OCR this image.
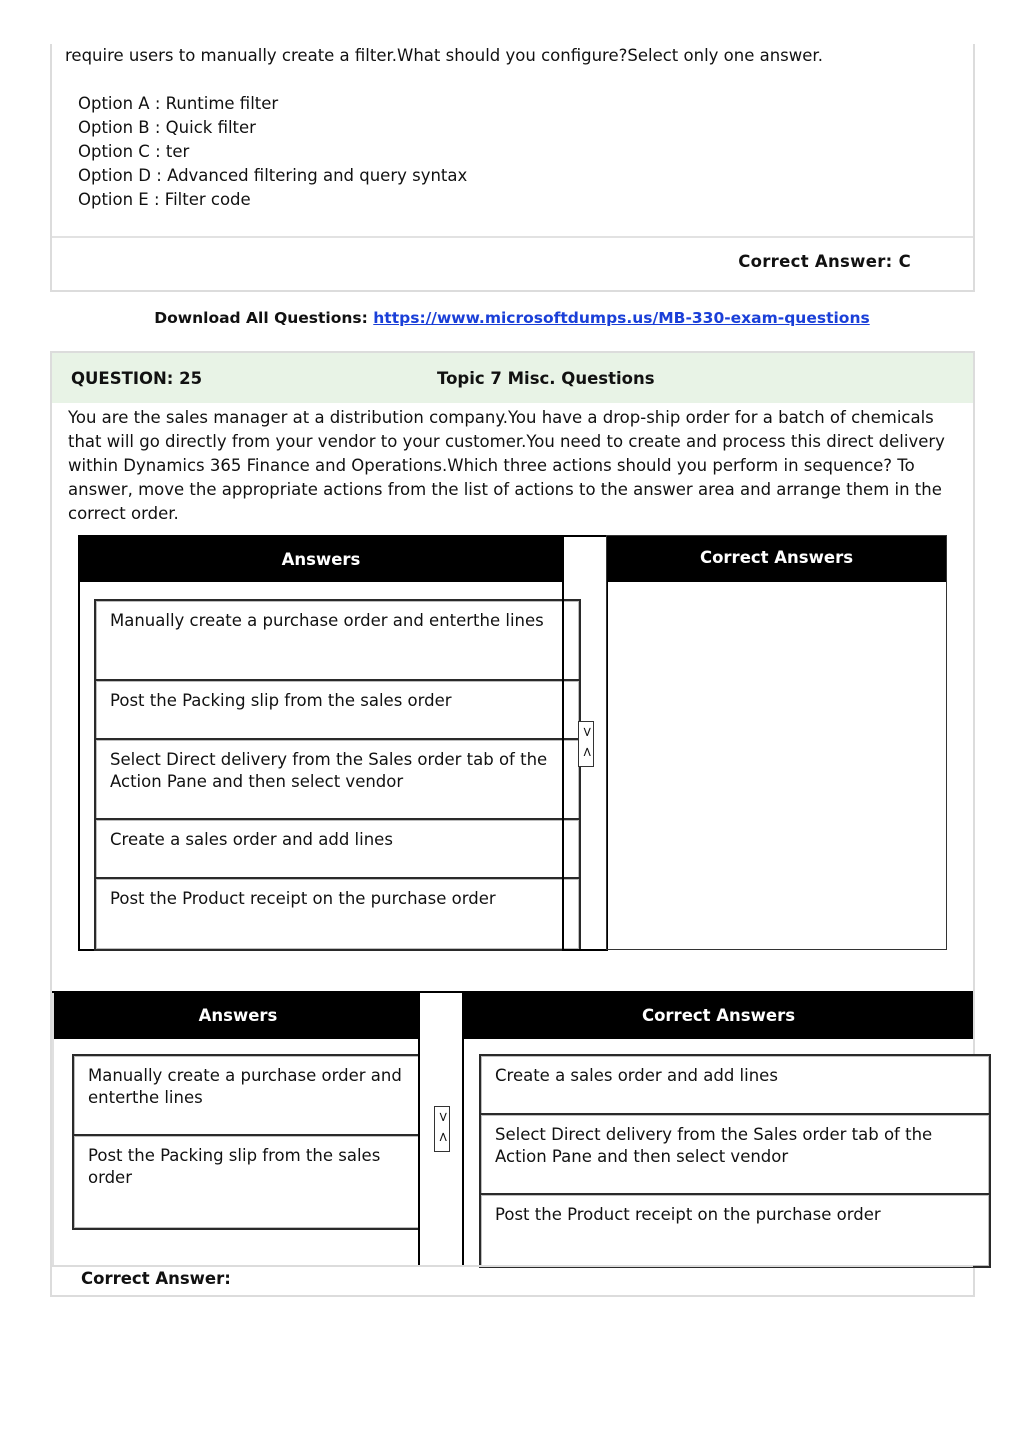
require users to manually create a filter.What should you configure?Select only one answer.
Option A : Runtime filter
Option B : Quick filter
Option C : ter
Option D : Advanced filtering and query syntax
Option E : Filter code
Correct Answer: C
Download All Questions: https://www.microsoftdumps.us/MB-330-exam-questions
QUESTION: 25	Topic 7 Misc. Questions
You are the sales manager at a distribution company.You have a drop-ship order for a batch of chemicals that will go directly from your vendor to your customer.You need to create and process this direct delivery within Dynamics 365 Finance and Operations.Which three actions should you perform in sequence? To answer, move the appropriate actions from the list of actions to the answer area and arrange them in the correct order.
Answers
Manually create a purchase order and enterthe lines
Post the Packing slip from the sales order
Select Direct delivery from the Sales order tab of the Action Pane and then select vendor
Create a sales order and add lines
Post the Product receipt on the purchase order
>
<
Correct Answers
Answers
Manually create a purchase order and enterthe lines
Post the Packing slip from the sales order
>
<
Correct Answers
Create a sales order and add lines
Select Direct delivery from the Sales order tab of the Action Pane and then select vendor
Post the Product receipt on the purchase order
Correct Answer:
